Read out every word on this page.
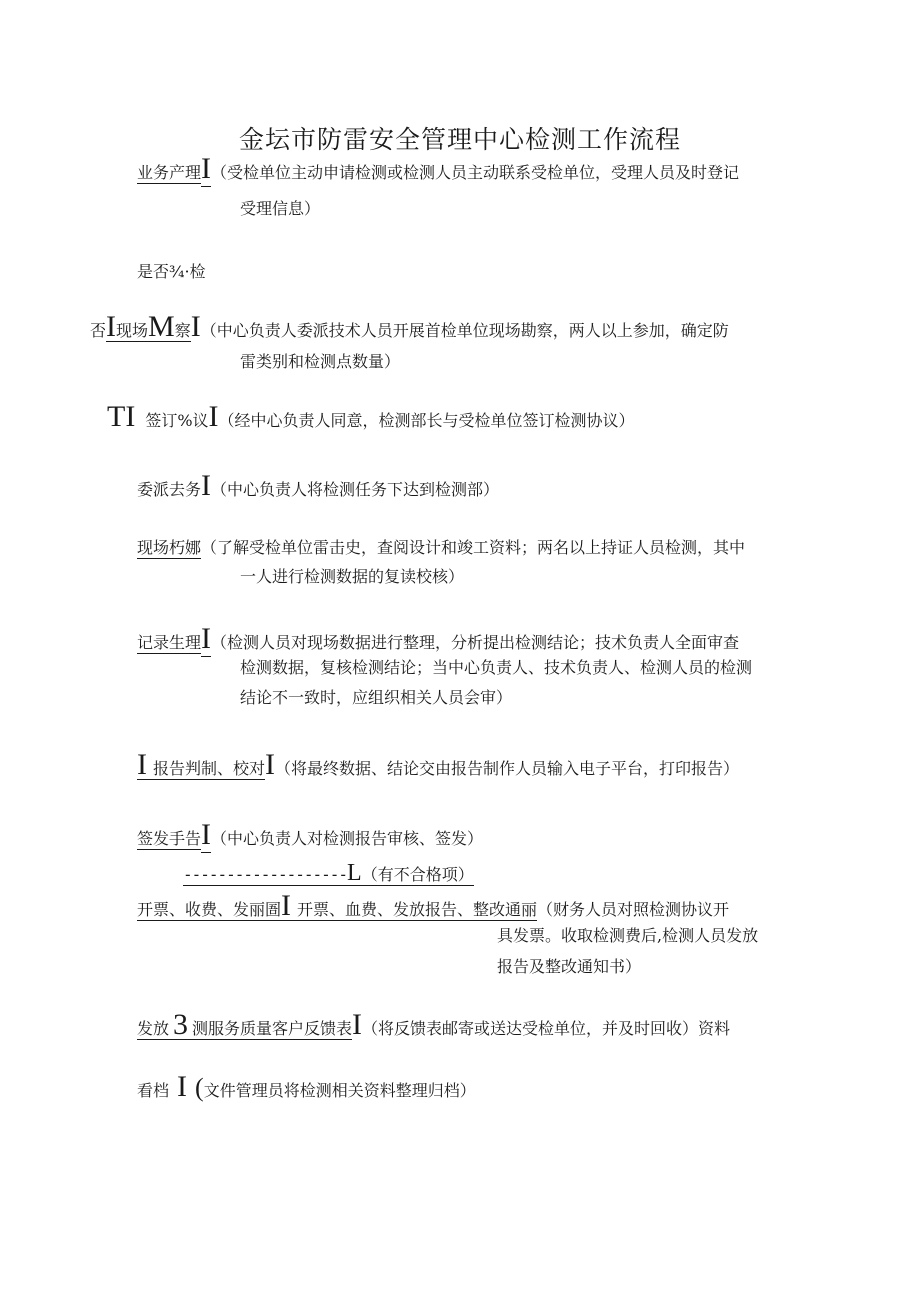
金坛市防雷安全管理中心检测工作流程
业务产理I（受检单位主动申请检测或检测人员主动联系受检单位，受理人员及时登记
受理信息）
是否¾·检
否I现场M察I（中心负责人委派技术人员开展首检单位现场勘察，两人以上参加，确定防
雷类别和检测点数量）
TI 签订%议I（经中心负责人同意，检测部长与受检单位签订检测协议）
委派去务I（中心负责人将检测任务下达到检测部）
现场朽娜（了解受检单位雷击史，查阅设计和竣工资料；两名以上持证人员检测，其中
一人进行检测数据的复读校核）
记录生理I（检测人员对现场数据进行整理，分析提出检测结论；技术负责人全面审查
检测数据，复核检测结论；当中心负责人、技术负责人、检测人员的检测
结论不一致时，应组织相关人员会审）
I报告判制、校对I（将最终数据、结论交由报告制作人员输入电子平台，打印报告）
签发手告I（中心负责人对检测报告审核、签发）
-------------------L（有不合格项）
开票、收费、发丽圄I 开票、血费、发放报告、整改通丽（财务人员对照检测协议开
具发票。收取检测费后,检测人员发放
报告及整改通知书）
发放 3 测服务质量客户反馈表I（将反馈表邮寄或送达受检单位，并及时回收）资料
看档 I (文件管理员将检测相关资料整理归档）
